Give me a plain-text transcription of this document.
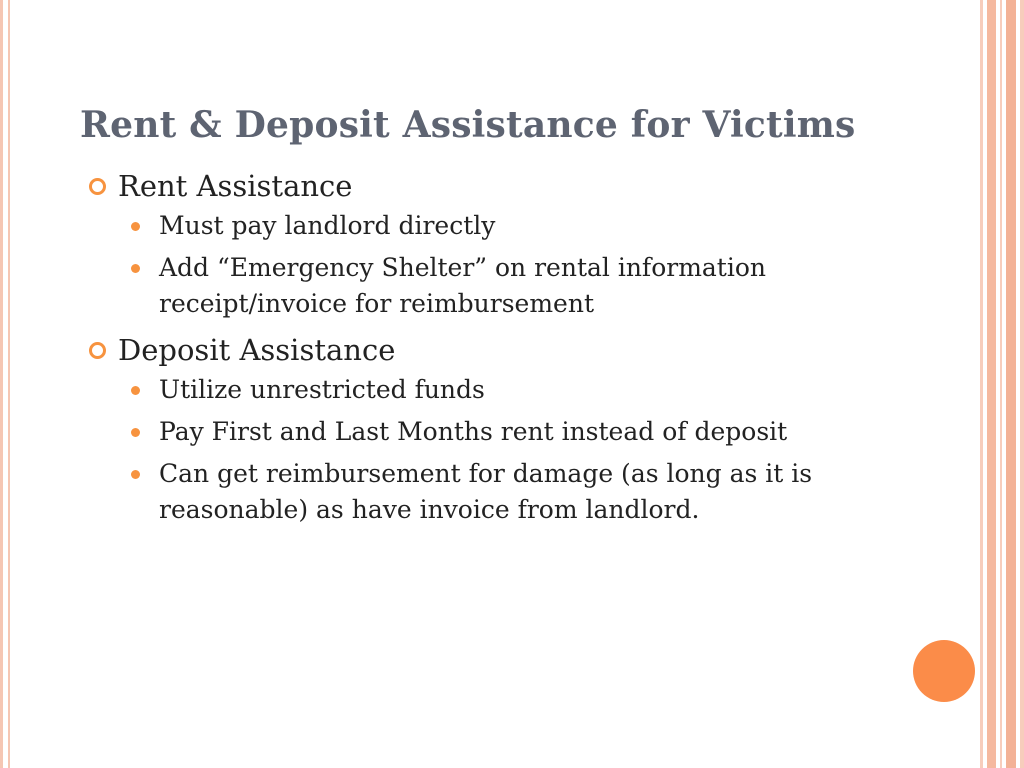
Rent & Deposit Assistance for Victims

Rent Assistance

Must pay landlord directly
Add “Emergency Shelter” on rental information receipt/invoice for reimbursement

Deposit Assistance

Utilize unrestricted funds
Pay First and Last Months rent instead of deposit
Can get reimbursement for damage (as long as it is reasonable) as have invoice from landlord.
